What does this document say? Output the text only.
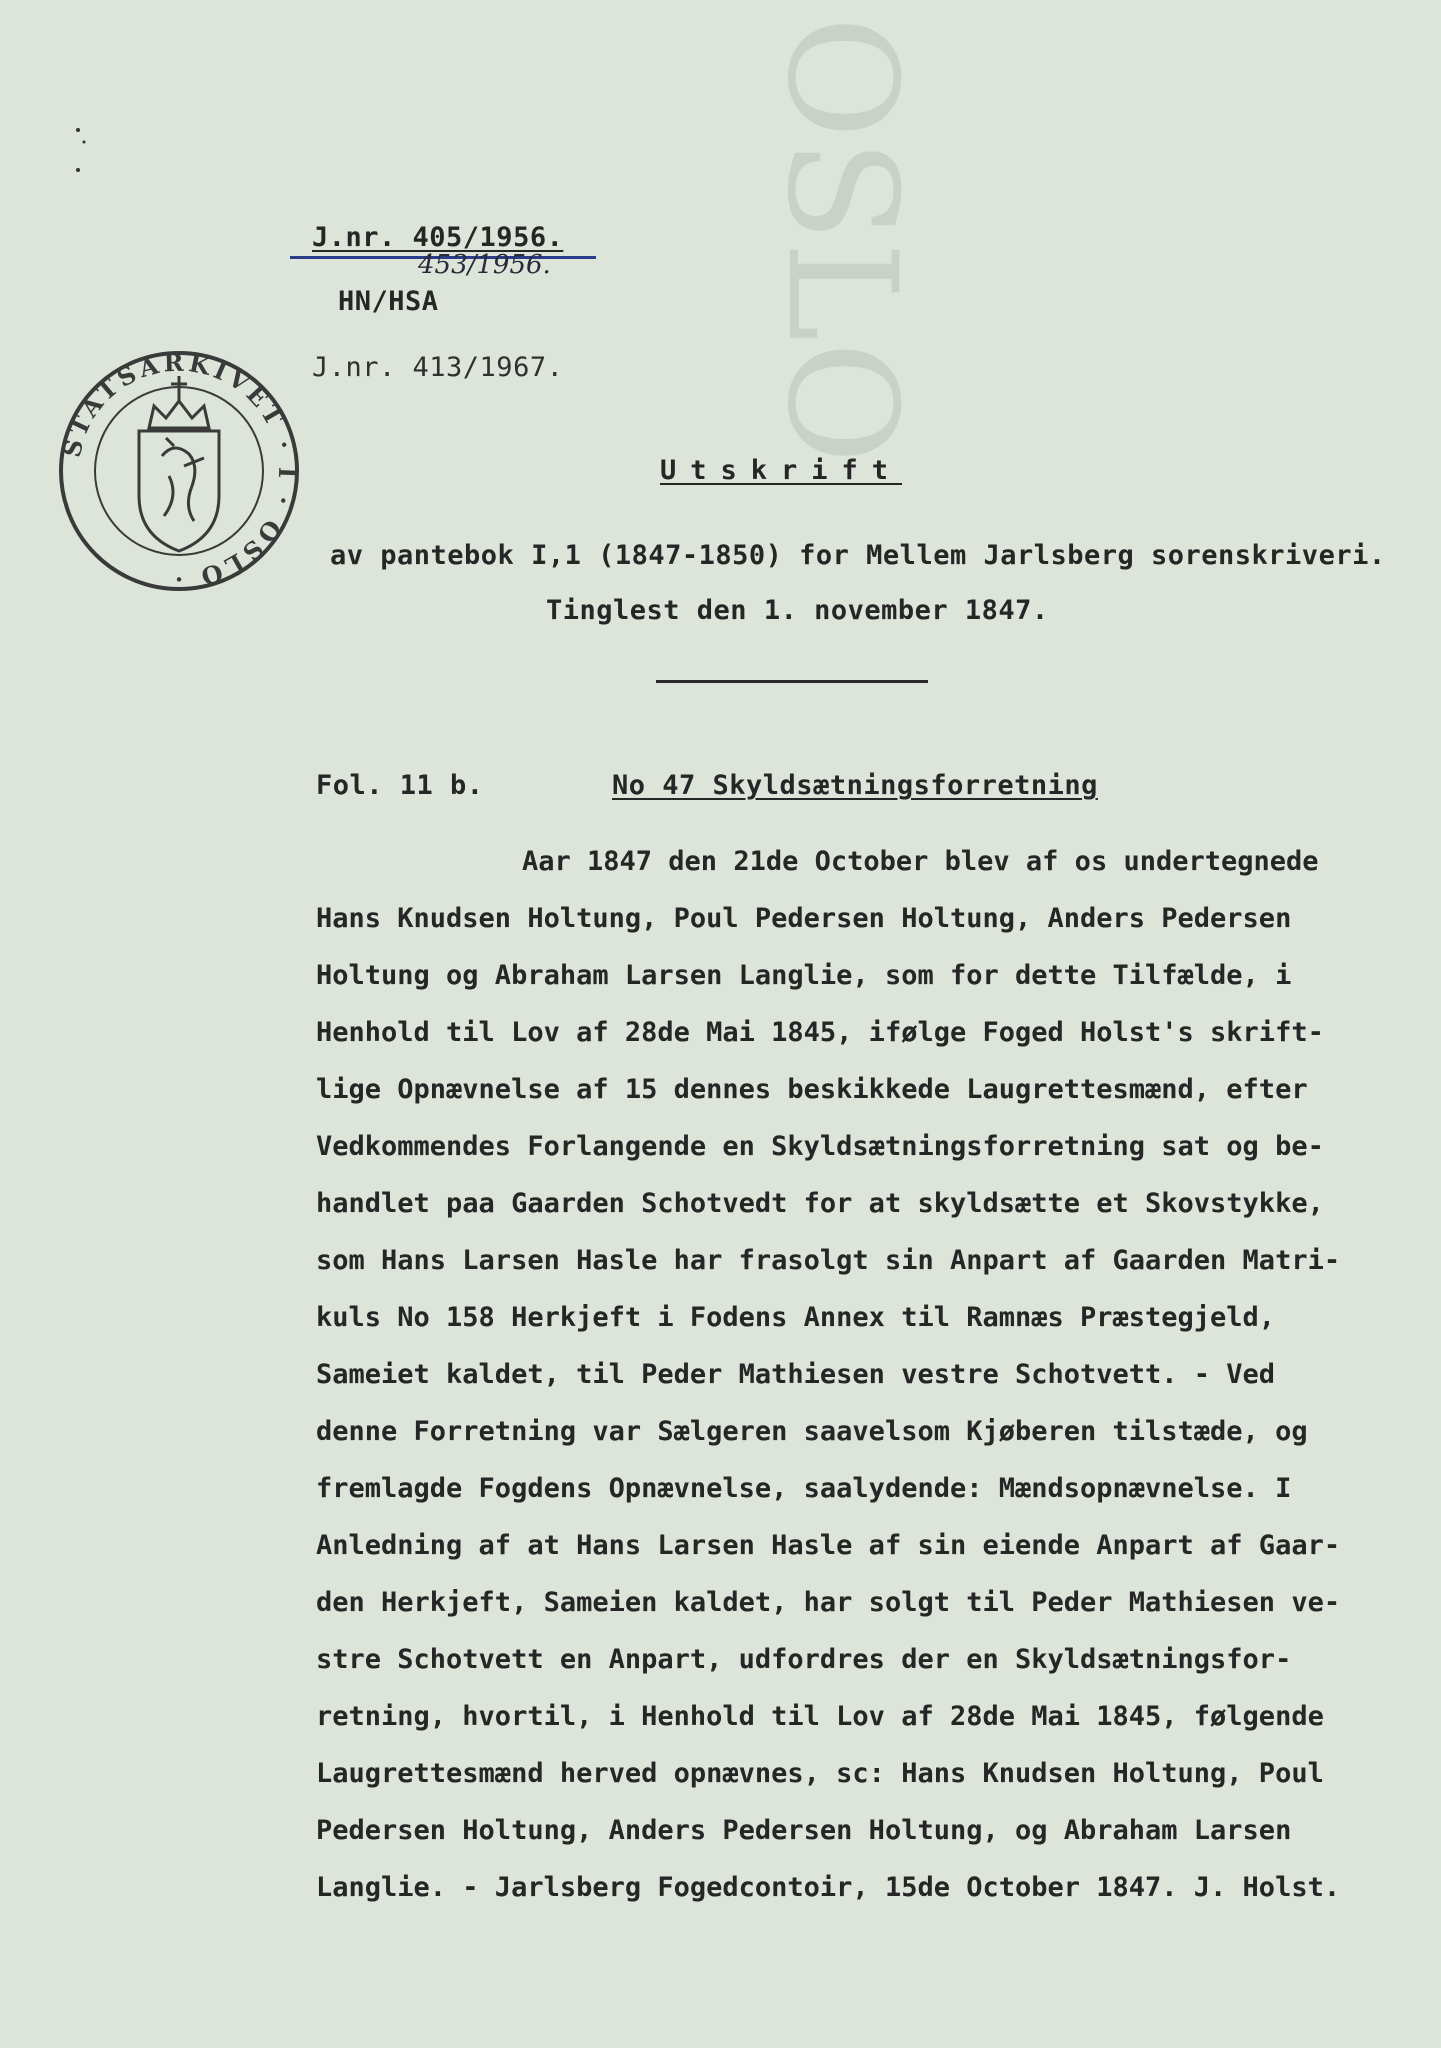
OSLO
J.nr. 405/1956.
453/1956.
HN/HSA
J.nr. 413/1967.
STATSARKIVET · I · OSLO ·
Utskrift
av pantebok I,1 (1847-1850) for Mellem Jarlsberg sorenskriveri.
Tinglest den 1. november 1847.
Fol. 11 b.	No 47 Skyldsætningsforretning
Aar 1847 den 21de October blev af os undertegnede
Hans Knudsen Holtung, Poul Pedersen Holtung, Anders Pedersen
Holtung og Abraham Larsen Langlie, som for dette Tilfælde, i
Henhold til Lov af 28de Mai 1845, ifølge Foged Holst's skrift-
lige Opnævnelse af 15 dennes beskikkede Laugrettesmænd, efter
Vedkommendes Forlangende en Skyldsætningsforretning sat og be-
handlet paa Gaarden Schotvedt for at skyldsætte et Skovstykke,
som Hans Larsen Hasle har frasolgt sin Anpart af Gaarden Matri-
kuls No 158 Herkjeft i Fodens Annex til Ramnæs Præstegjeld,
Sameiet kaldet, til Peder Mathiesen vestre Schotvett. - Ved
denne Forretning var Sælgeren saavelsom Kjøberen tilstæde, og
fremlagde Fogdens Opnævnelse, saalydende: Mændsopnævnelse. I
Anledning af at Hans Larsen Hasle af sin eiende Anpart af Gaar-
den Herkjeft, Sameien kaldet, har solgt til Peder Mathiesen ve-
stre Schotvett en Anpart, udfordres der en Skyldsætningsfor-
retning, hvortil, i Henhold til Lov af 28de Mai 1845, følgende
Laugrettesmænd herved opnævnes, sc: Hans Knudsen Holtung, Poul
Pedersen Holtung, Anders Pedersen Holtung, og Abraham Larsen
Langlie. - Jarlsberg Fogedcontoir, 15de October 1847. J. Holst.
